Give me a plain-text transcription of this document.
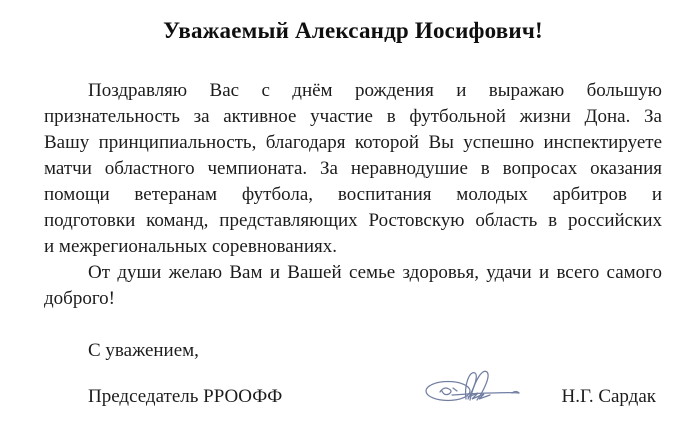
Уважаемый Александр Иосифович!
Поздравляю Вас с днём рождения и выражаю большую
признательность за активное участие в футбольной жизни Дона. За
Вашу принципиальность, благодаря которой Вы успешно инспектируете
матчи областного чемпионата. За неравнодушие в вопросах оказания
помощи ветеранам футбола, воспитания молодых арбитров и
подготовки команд, представляющих Ростовскую область в российских
и межрегиональных соревнованиях.
От души желаю Вам и Вашей семье здоровья, удачи и всего самого
доброго!
С уважением,
Председатель РРООФФ	Н.Г. Сардак
